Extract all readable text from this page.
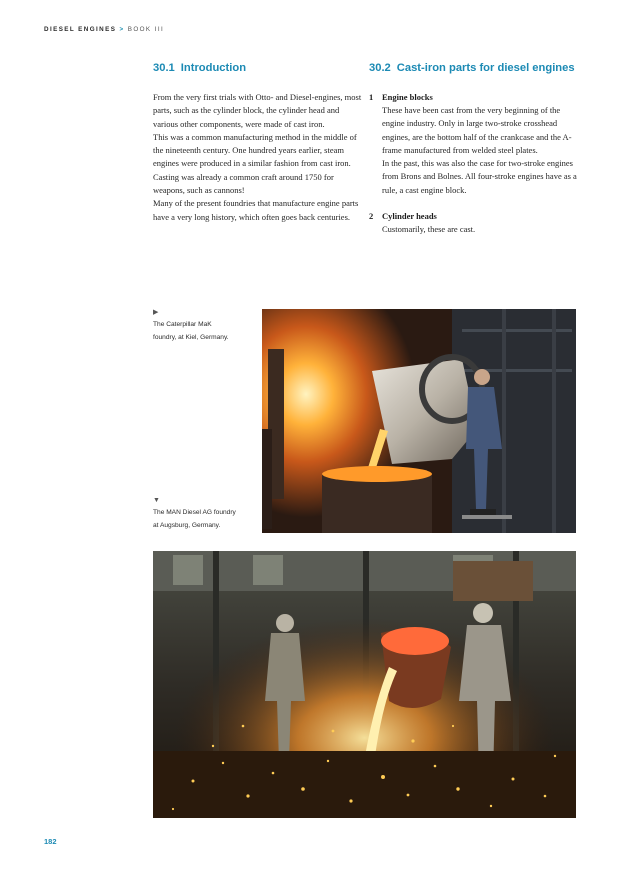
DIESEL ENGINES > BOOK III
30.1 Introduction

From the very first trials with Otto- and Diesel-engines, most parts, such as the cylinder block, the cylinder head and various other components, were made of cast iron.

This was a common manufacturing method in the middle of the nineteenth century. One hundred years earlier, steam engines were produced in a similar fashion from cast iron.

Casting was already a common craft around 1750 for weapons, such as cannons!

Many of the present foundries that manufacture engine parts have a very long history, which often goes back centuries.

30.2 Cast-iron parts for diesel engines
1	Engine blocks

These have been cast from the very beginning of the engine industry. Only in large two-stroke crosshead engines, are the bottom half of the crankcase and the A-frame manufactured from welded steel plates.

In the past, this was also the case for two-stroke engines from Brons and Bolnes. All four-stroke engines have as a rule, a cast engine block.

2	Cylinder heads

Customarily, these are cast.

▶
The Caterpillar MaK
foundry, at Kiel, Germany.
▼
The MAN Diesel AG foundry
at Augsburg, Germany.
182
